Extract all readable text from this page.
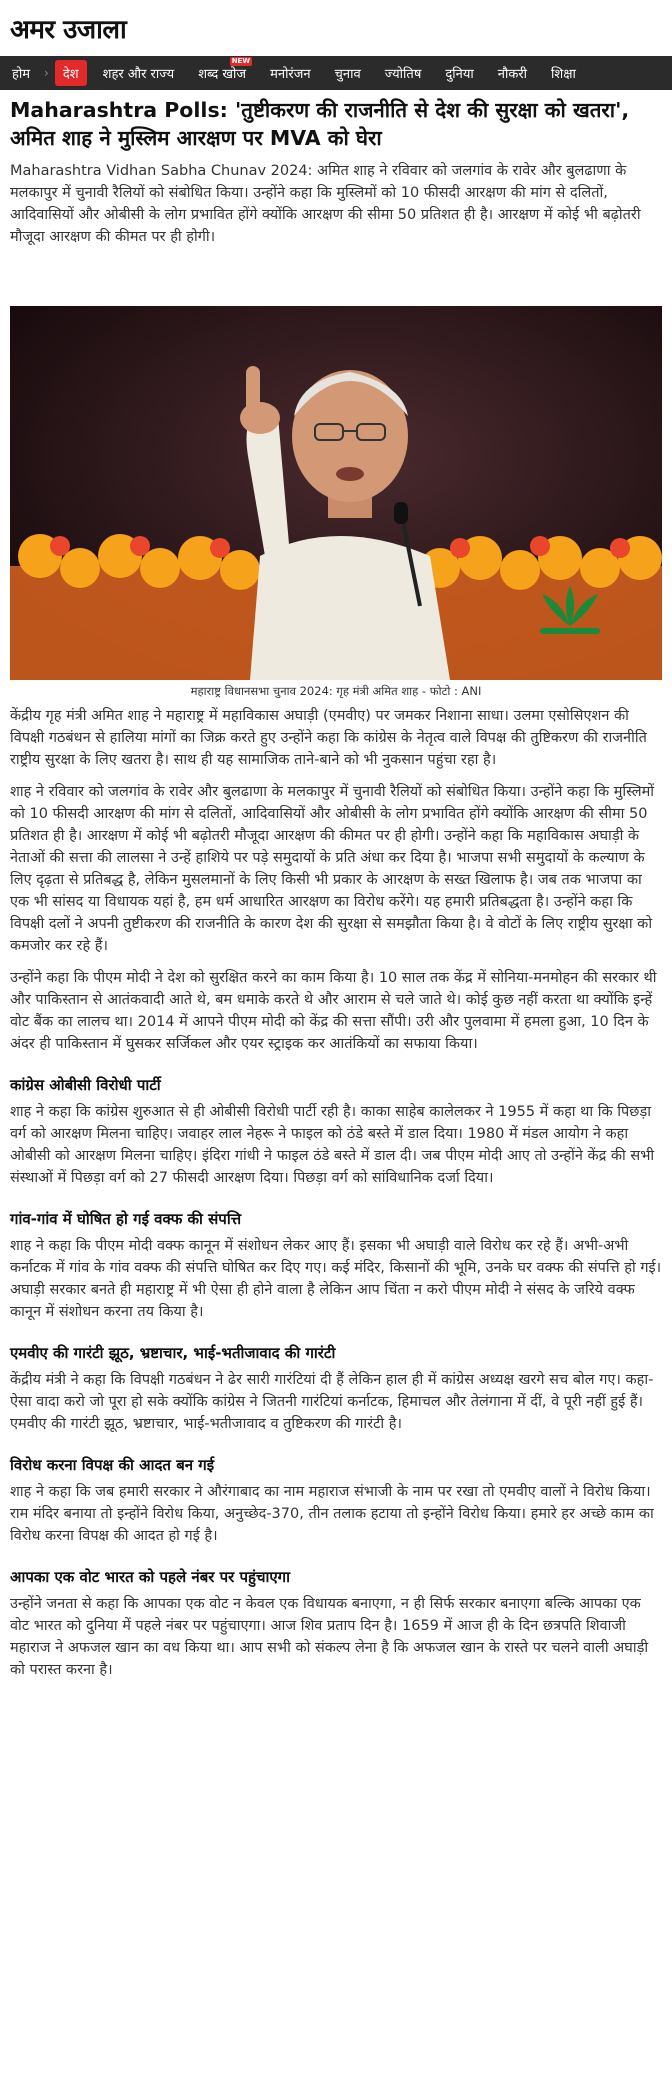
अमर उजाला
होम	›	देश	शहर और राज्य	शब्द खोज
NEW
मनोरंजन	चुनाव	ज्योतिष	दुनिया	नौकरी	शिक्षा
Maharashtra Polls: 'तुष्टीकरण की राजनीति से देश की सुरक्षा को खतरा', अमित शाह ने मुस्लिम आरक्षण पर MVA को घेरा

Maharashtra Vidhan Sabha Chunav 2024: अमित शाह ने रविवार को जलगांव के रावेर और बुलढाणा के मलकापुर में चुनावी रैलियों को संबोधित किया। उन्होंने कहा कि मुस्लिमों को 10 फीसदी आरक्षण की मांग से दलितों, आदिवासियों और ओबीसी के लोग प्रभावित होंगे क्योंकि आरक्षण की सीमा 50 प्रतिशत ही है। आरक्षण में कोई भी बढ़ोतरी मौजूदा आरक्षण की कीमत पर ही होगी।

महाराष्ट्र विधानसभा चुनाव 2024: गृह मंत्री अमित शाह - फोटो : ANI

केंद्रीय गृह मंत्री अमित शाह ने महाराष्ट्र में महाविकास अघाड़ी (एमवीए) पर जमकर निशाना साधा। उलमा एसोसिएशन की विपक्षी गठबंधन से हालिया मांगों का जिक्र करते हुए उन्होंने कहा कि कांग्रेस के नेतृत्व वाले विपक्ष की तुष्टिकरण की राजनीति राष्ट्रीय सुरक्षा के लिए खतरा है। साथ ही यह सामाजिक ताने-बाने को भी नुकसान पहुंचा रहा है।

शाह ने रविवार को जलगांव के रावेर और बुलढाणा के मलकापुर में चुनावी रैलियों को संबोधित किया। उन्होंने कहा कि मुस्लिमों को 10 फीसदी आरक्षण की मांग से दलितों, आदिवासियों और ओबीसी के लोग प्रभावित होंगे क्योंकि आरक्षण की सीमा 50 प्रतिशत ही है। आरक्षण में कोई भी बढ़ोतरी मौजूदा आरक्षण की कीमत पर ही होगी। उन्होंने कहा कि महाविकास अघाड़ी के नेताओं की सत्ता की लालसा ने उन्हें हाशिये पर पड़े समुदायों के प्रति अंधा कर दिया है। भाजपा सभी समुदायों के कल्याण के लिए दृढ़ता से प्रतिबद्ध है, लेकिन मुसलमानों के लिए किसी भी प्रकार के आरक्षण के सख्त खिलाफ है। जब तक भाजपा का एक भी सांसद या विधायक यहां है, हम धर्म आधारित आरक्षण का विरोध करेंगे। यह हमारी प्रतिबद्धता है। उन्होंने कहा कि विपक्षी दलों ने अपनी तुष्टीकरण की राजनीति के कारण देश की सुरक्षा से समझौता किया है। वे वोटों के लिए राष्ट्रीय सुरक्षा को कमजोर कर रहे हैं।

उन्होंने कहा कि पीएम मोदी ने देश को सुरक्षित करने का काम किया है। 10 साल तक केंद्र में सोनिया-मनमोहन की सरकार थी और पाकिस्तान से आतंकवादी आते थे, बम धमाके करते थे और आराम से चले जाते थे। कोई कुछ नहीं करता था क्योंकि इन्हें वोट बैंक का लालच था। 2014 में आपने पीएम मोदी को केंद्र की सत्ता सौंपी। उरी और पुलवामा में हमला हुआ, 10 दिन के अंदर ही पाकिस्तान में घुसकर सर्जिकल और एयर स्ट्राइक कर आतंकियों का सफाया किया।

कांग्रेस ओबीसी विरोधी पार्टी

शाह ने कहा कि कांग्रेस शुरुआत से ही ओबीसी विरोधी पार्टी रही है। काका साहेब कालेलकर ने 1955 में कहा था कि पिछड़ा वर्ग को आरक्षण मिलना चाहिए। जवाहर लाल नेहरू ने फाइल को ठंडे बस्ते में डाल दिया। 1980 में मंडल आयोग ने कहा ओबीसी को आरक्षण मिलना चाहिए। इंदिरा गांधी ने फाइल ठंडे बस्ते में डाल दी। जब पीएम मोदी आए तो उन्होंने केंद्र की सभी संस्थाओं में पिछड़ा वर्ग को 27 फीसदी आरक्षण दिया। पिछड़ा वर्ग को सांविधानिक दर्जा दिया।

गांव-गांव में घोषित हो गई वक्फ की संपत्ति

शाह ने कहा कि पीएम मोदी वक्फ कानून में संशोधन लेकर आए हैं। इसका भी अघाड़ी वाले विरोध कर रहे हैं। अभी-अभी कर्नाटक में गांव के गांव वक्फ की संपत्ति घोषित कर दिए गए। कई मंदिर, किसानों की भूमि, उनके घर वक्फ की संपत्ति हो गई। अघाड़ी सरकार बनते ही महाराष्ट्र में भी ऐसा ही होने वाला है लेकिन आप चिंता न करो पीएम मोदी ने संसद के जरिये वक्फ कानून में संशोधन करना तय किया है।

एमवीए की गारंटी झूठ, भ्रष्टाचार, भाई-भतीजावाद की गारंटी

केंद्रीय मंत्री ने कहा कि विपक्षी गठबंधन ने ढेर सारी गारंटियां दी हैं लेकिन हाल ही में कांग्रेस अध्यक्ष खरगे सच बोल गए। कहा-ऐसा वादा करो जो पूरा हो सके क्योंकि कांग्रेस ने जितनी गारंटियां कर्नाटक, हिमाचल और तेलंगाना में दीं, वे पूरी नहीं हुई हैं। एमवीए की गारंटी झूठ, भ्रष्टाचार, भाई-भतीजावाद व तुष्टिकरण की गारंटी है।

विरोध करना विपक्ष की आदत बन गई

शाह ने कहा कि जब हमारी सरकार ने औरंगाबाद का नाम महाराज संभाजी के नाम पर रखा तो एमवीए वालों ने विरोध किया। राम मंदिर बनाया तो इन्होंने विरोध किया, अनुच्छेद-370, तीन तलाक हटाया तो इन्होंने विरोध किया। हमारे हर अच्छे काम का विरोध करना विपक्ष की आदत हो गई है।

आपका एक वोट भारत को पहले नंबर पर पहुंचाएगा

उन्होंने जनता से कहा कि आपका एक वोट न केवल एक विधायक बनाएगा, न ही सिर्फ सरकार बनाएगा बल्कि आपका एक वोट भारत को दुनिया में पहले नंबर पर पहुंचाएगा। आज शिव प्रताप दिन है। 1659 में आज ही के दिन छत्रपति शिवाजी महाराज ने अफजल खान का वध किया था। आप सभी को संकल्प लेना है कि अफजल खान के रास्ते पर चलने वाली अघाड़ी को परास्त करना है।
